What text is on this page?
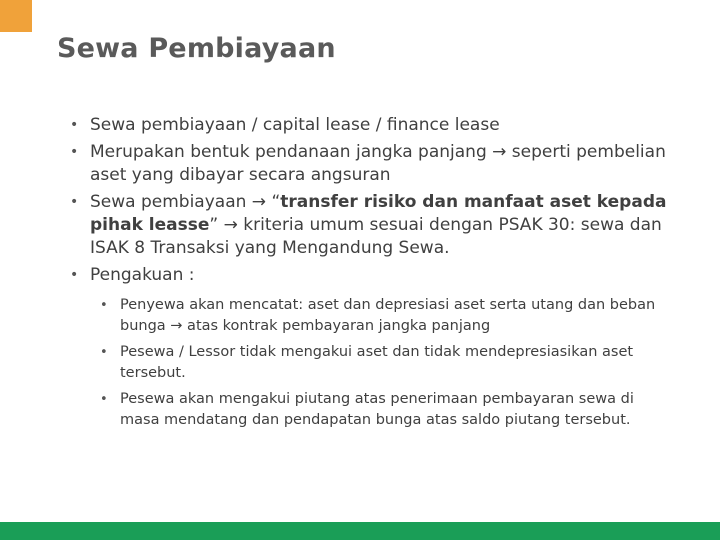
Sewa Pembiayaan
• Sewa pembiayaan / capital lease / finance lease
• Merupakan bentuk pendanaan jangka panjang → seperti pembelian aset yang dibayar secara angsuran
• Sewa pembiayaan → “transfer risiko dan manfaat aset kepada pihak leasse” → kriteria umum sesuai dengan PSAK 30: sewa dan ISAK 8 Transaksi yang Mengandung Sewa.
• Pengakuan :
• Penyewa akan mencatat: aset dan depresiasi aset serta utang dan beban bunga → atas kontrak pembayaran jangka panjang
• Pesewa / Lessor tidak mengakui aset dan tidak mendepresiasikan aset tersebut.
• Pesewa akan mengakui piutang atas penerimaan pembayaran sewa di masa mendatang dan pendapatan bunga atas saldo piutang tersebut.
